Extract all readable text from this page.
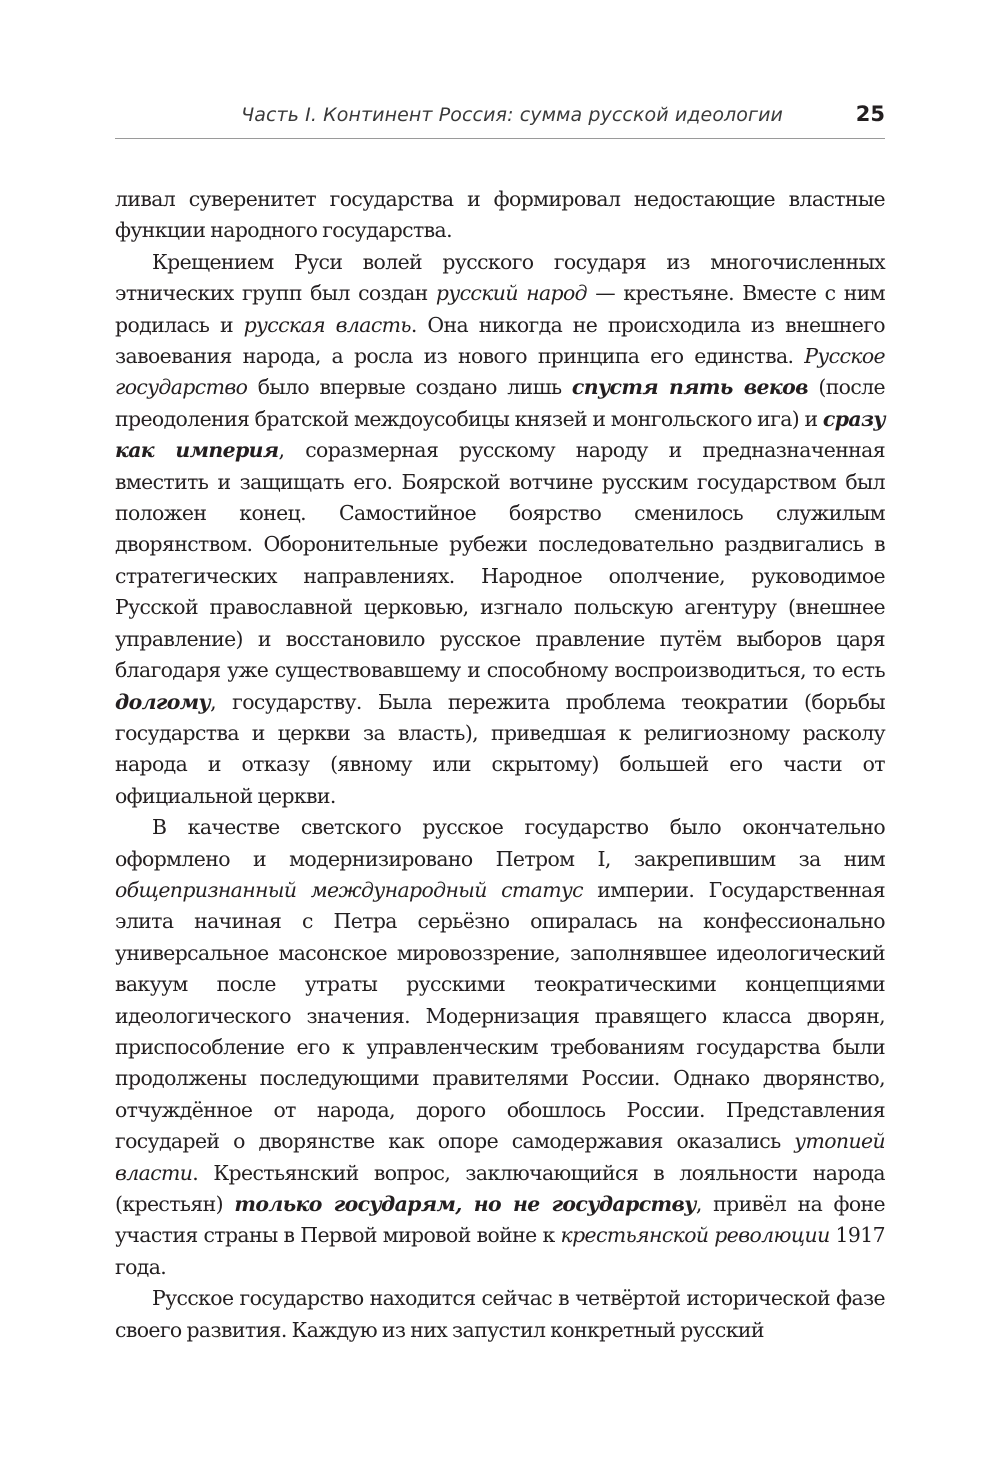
Часть I. Континент Россия: сумма русской идеологии	25

ливал суверенитет государства и формировал недостающие властные функции народного государства.

Крещением Руси волей русского государя из многочисленных этнических групп был создан русский народ — крестьяне. Вместе с ним родилась и русская власть. Она никогда не происходила из внешнего завоевания народа, а росла из нового принципа его единства. Русское государство было впервые создано лишь спустя пять веков (после преодоления братской междоусобицы князей и монгольского ига) и сразу как империя, соразмерная русскому народу и предназначенная вместить и защищать его. Боярской вотчине русским государством был положен конец. Самостийное боярство сменилось служилым дворянством. Оборонительные рубежи последовательно раздвигались в стратегических направлениях. Народное ополчение, руководимое Русской православной церковью, изгнало польскую агентуру (внешнее управление) и восстановило русское правление путём выборов царя благодаря уже существовавшему и способному воспроизводиться, то есть долгому, государству. Была пережита проблема теократии (борьбы государства и церкви за власть), приведшая к религиозному расколу народа и отказу (явному или скрытому) большей его части от официальной церкви.

В качестве светского русское государство было окончательно оформлено и модернизировано Петром I, закрепившим за ним общепризнанный международный статус империи. Государственная элита начиная с Петра серьёзно опиралась на конфессионально универсальное масонское мировоззрение, заполнявшее идеологический вакуум после утраты русскими теократическими концепциями идеологического значения. Модернизация правящего класса дворян, приспособление его к управленческим требованиям государства были продолжены последующими правителями России. Однако дворянство, отчуждённое от народа, дорого обошлось России. Представления государей о дворянстве как опоре самодержавия оказались утопией власти. Крестьянский вопрос, заключающийся в лояльности народа (крестьян) только государям, но не государству, привёл на фоне участия страны в Первой мировой войне к крестьянской революции 1917 года.

Русское государство находится сейчас в четвёртой исторической фазе своего развития. Каждую из них запустил конкретный русский
